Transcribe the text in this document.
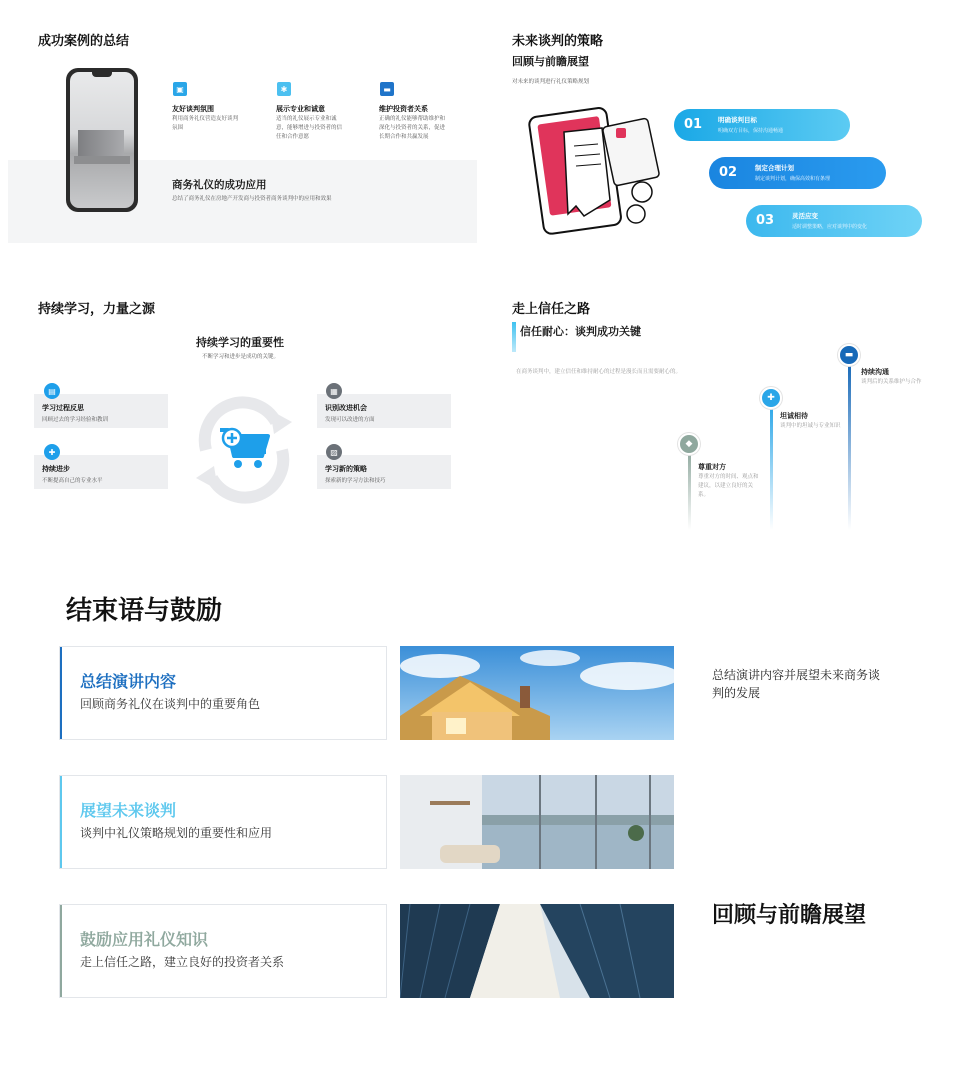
成功案例的总结
▣
友好谈判氛围
利用商务礼仪营造友好谈判氛围
✱
展示专业和诚意
适当的礼仪展示专业和诚意，能够增进与投资者的信任和合作意愿
▬
维护投资者关系
正确的礼仪能够帮助维护和深化与投资者的关系，促进长期合作和共赢发展
商务礼仪的成功应用
总结了商务礼仪在房地产开发商与投资者商务谈判中的应用和效果
未来谈判的策略
回顾与前瞻展望
对未来的谈判进行礼仪策略规划
01 明确谈判目标
明确双方目标，保持沟通畅通
02	制定合理计划
制定谈判计划，确保高效和有条理
03	灵活应变
适时调整策略，应对谈判中的变化
持续学习，力量之源
持续学习的重要性
不断学习和进步是成功的关键。
▤
学习过程反思
回顾过去的学习经验和教训
✚
持续进步
不断提高自己的专业水平
▦
识别改进机会
发现可以改进的方面
▨
学习新的策略
探索新的学习方法和技巧
走上信任之路
信任耐心：谈判成功关键
在商务谈判中，建立信任和维持耐心的过程是漫长而且需要耐心的。
◆
尊重对方
尊重对方的时间、观点和建议，以建立良好的关系。
✚
坦诚相待
谈判中的坦诚与专业知识
▬
持续沟通
谈判后的关系维护与合作
结束语与鼓励
总结演讲内容
回顾商务礼仪在谈判中的重要角色
展望未来谈判
谈判中礼仪策略规划的重要性和应用
鼓励应用礼仪知识
走上信任之路，建立良好的投资者关系
总结演讲内容并展望未来商务谈判的发展
回顾与前瞻展望
